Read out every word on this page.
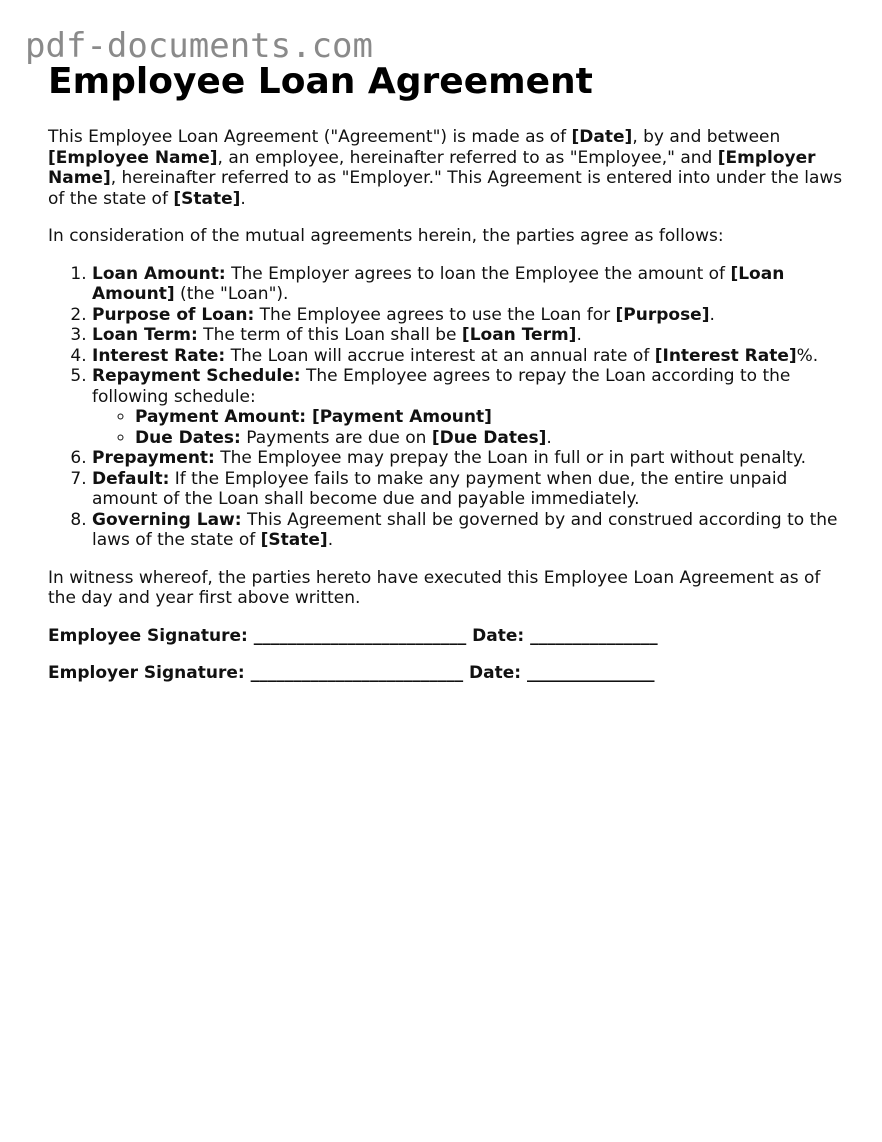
pdf-documents.com
Employee Loan Agreement

This Employee Loan Agreement ("Agreement") is made as of [Date], by and between [Employee Name], an employee, hereinafter referred to as "Employee," and [Employer Name], hereinafter referred to as "Employer." This Agreement is entered into under the laws of the state of [State].

In consideration of the mutual agreements herein, the parties agree as follows:

1. Loan Amount: The Employer agrees to loan the Employee the amount of [Loan Amount] (the "Loan").
2. Purpose of Loan: The Employee agrees to use the Loan for [Purpose].
3. Loan Term: The term of this Loan shall be [Loan Term].
4. Interest Rate: The Loan will accrue interest at an annual rate of [Interest Rate]%.
5. Repayment Schedule: The Employee agrees to repay the Loan according to the following schedule:
◦ Payment Amount: [Payment Amount]
◦ Due Dates: Payments are due on [Due Dates].
6. Prepayment: The Employee may prepay the Loan in full or in part without penalty.
7. Default: If the Employee fails to make any payment when due, the entire unpaid amount of the Loan shall become due and payable immediately.
8. Governing Law: This Agreement shall be governed by and construed according to the laws of the state of [State].

In witness whereof, the parties hereto have executed this Employee Loan Agreement as of the day and year first above written.

Employee Signature: _________________________ Date: _______________

Employer Signature: _________________________ Date: _______________
